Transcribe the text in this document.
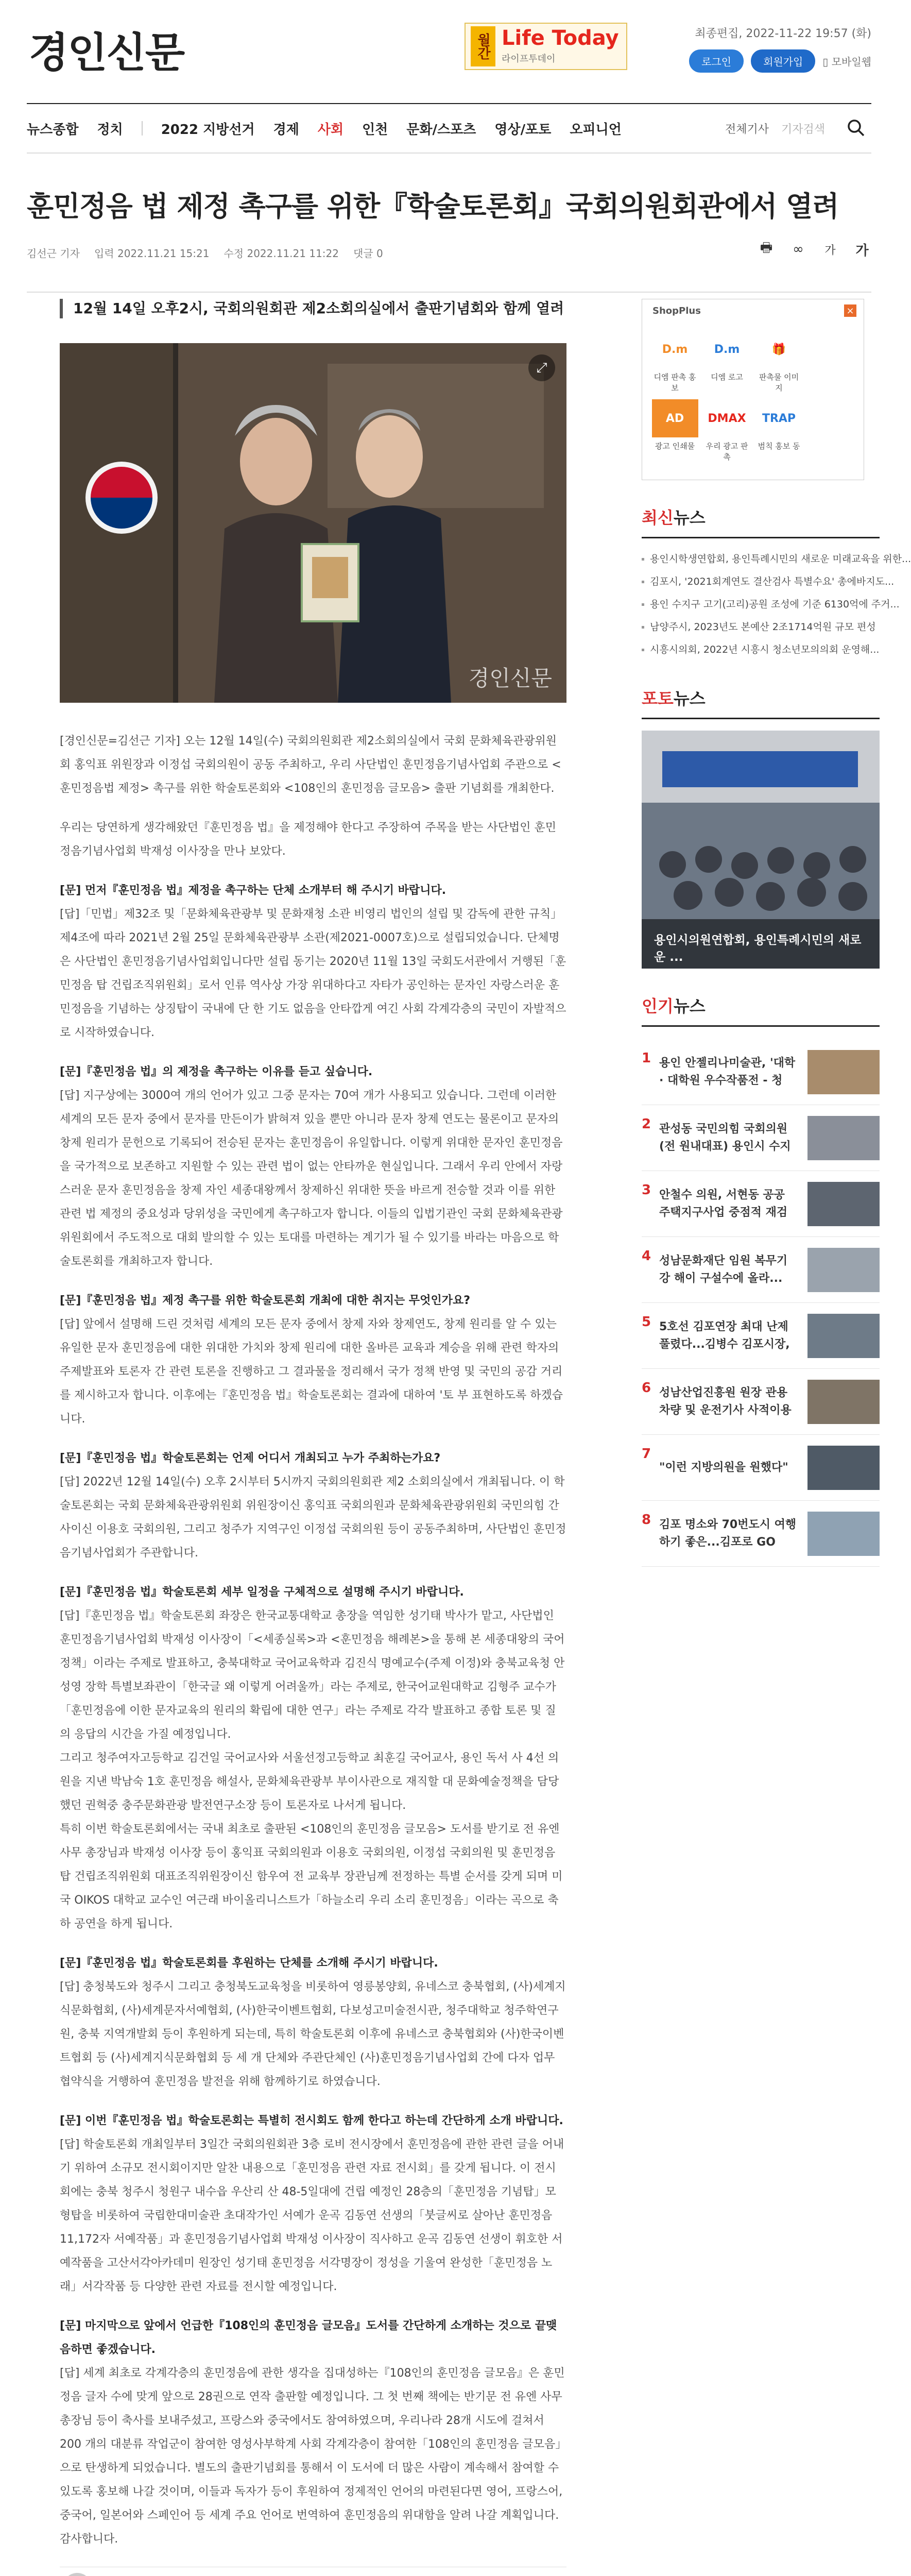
경인신문	월간 Life Today
라이프투데이
최종편집, 2022-11-22 19:57 (화)
로그인	회원가입	▯ 모바일웹
뉴스종합 정치	2022 지방선거 경제 사회 인천 문화/스포츠 영상/포토 오피니언	전체기사 기자검색
훈민정음 법 제정 촉구를 위한『학술토론회』국회의원회관에서 열려
김선근 기자 입력 2022.11.21 15:21 수정 2022.11.21 11:22 댓글 0	🖶 ∞	가 가
12월 14일 오후2시, 국회의원회관 제2소회의실에서 출판기념회와 함께 열려
⤢
경인신문

[경인신문=김선근 기자] 오는 12월 14일(수) 국회의원회관 제2소회의실에서 국회 문화체육관광위원회 홍익표 위원장과 이정섭 국회의원이 공동 주최하고, 우리 사단법인 훈민정음기념사업회 주관으로 <훈민정음법 제정> 촉구를 위한 학술토론회와 <108인의 훈민정음 글모음> 출판 기념회를 개최한다.

우리는 당연하게 생각해왔던『훈민정음 법』을 제정해야 한다고 주장하여 주목을 받는 사단법인 훈민정음기념사업회 박재성 이사장을 만나 보았다.

[문] 먼저『훈민정음 법』제정을 촉구하는 단체 소개부터 해 주시기 바랍니다.

[답]「민법」제32조 및「문화체육관광부 및 문화재청 소관 비영리 법인의 설립 및 감독에 관한 규칙」제4조에 따라 2021년 2월 25일 문화체육관광부 소관(제2021-0007호)으로 설립되었습니다. 단체명은 사단법인 훈민정음기념사업회입니다만 설립 동기는 2020년 11월 13일 국회도서관에서 거행된「훈민정음 탑 건립조직위원회」로서 인류 역사상 가장 위대하다고 자타가 공인하는 문자인 자랑스러운 훈민정음을 기념하는 상징탑이 국내에 단 한 기도 없음을 안타깝게 여긴 사회 각계각층의 국민이 자발적으로 시작하였습니다.

[문]『훈민정음 법』의 제정을 촉구하는 이유를 듣고 싶습니다.

[답] 지구상에는 3000여 개의 언어가 있고 그중 문자는 70여 개가 사용되고 있습니다. 그런데 이러한 세계의 모든 문자 중에서 문자를 만든이가 밝혀져 있을 뿐만 아니라 문자 창제 연도는 물론이고 문자의 창제 원리가 문헌으로 기록되어 전승된 문자는 훈민정음이 유일합니다. 이렇게 위대한 문자인 훈민정음을 국가적으로 보존하고 지원할 수 있는 관련 법이 없는 안타까운 현실입니다. 그래서 우리 안에서 자랑스러운 문자 훈민정음을 창제 자인 세종대왕께서 창제하신 위대한 뜻을 바르게 전승할 것과 이를 위한 관련 법 제정의 중요성과 당위성을 국민에게 촉구하고자 합니다. 이들의 입법기관인 국회 문화체육관광위원회에서 주도적으로 대회 발의할 수 있는 토대를 마련하는 계기가 될 수 있기를 바라는 마음으로 학술토론회를 개최하고자 합니다.

[문]『훈민정음 법』제정 촉구를 위한 학술토론회 개최에 대한 취지는 무엇인가요?

[답] 앞에서 설명해 드린 것처럼 세계의 모든 문자 중에서 창제 자와 창제연도, 창제 원리를 알 수 있는 유일한 문자 훈민정음에 대한 위대한 가치와 창제 원리에 대한 올바른 교육과 계승을 위해 관련 학자의 주제발표와 토론자 간 관련 토론을 진행하고 그 결과물을 정리해서 국가 정책 반영 및 국민의 공감 거리를 제시하고자 합니다. 이후에는『훈민정음 법』학술토론회는 결과에 대하여 '토 부 표현하도록 하겠습니다.

[문]『훈민정음 법』학술토론회는 언제 어디서 개최되고 누가 주최하는가요?

[답] 2022년 12월 14일(수) 오후 2시부터 5시까지 국회의원회관 제2 소회의실에서 개최됩니다. 이 학술토론회는 국회 문화체육관광위원회 위원장이신 홍익표 국회의원과 문화체육관광위원회 국민의힘 간사이신 이용호 국회의원, 그리고 청주가 지역구인 이정섭 국회의원 등이 공동주최하며, 사단법인 훈민정음기념사업회가 주관합니다.

[문]『훈민정음 법』학술토론회 세부 일정을 구체적으로 설명해 주시기 바랍니다.

[답]『훈민정음 법』학술토론회 좌장은 한국교통대학교 총장을 역임한 성기태 박사가 맡고, 사단법인 훈민정음기념사업회 박재성 이사장이「<세종실록>과 <훈민정음 해례본>을 통해 본 세종대왕의 국어정책」이라는 주제로 발표하고, 충북대학교 국어교육학과 김진식 명예교수(주제 이정)와 충북교육청 안성영 장학 특별보좌관이「한국글 왜 이렇게 어려울까」라는 주제로, 한국어교원대학교 김형주 교수가「훈민정음에 이한 문자교육의 원리의 확립에 대한 연구」라는 주제로 각각 발표하고 종합 토론 및 질의 응답의 시간을 가질 예정입니다.

그리고 청주여자고등학교 김건일 국어교사와 서울선정고등학교 최훈길 국어교사, 용인 독서 사 4선 의원을 지낸 박남숙 1호 훈민정음 해설사, 문화체육관광부 부이사관으로 재직할 대 문화예술정책을 담당했던 권혁중 충주문화관광 발전연구소장 등이 토론자로 나서게 됩니다.

특히 이번 학술토론회에서는 국내 최초로 출판된 <108인의 훈민정음 글모음> 도서를 받기로 전 유엔 사무 총장님과 박재성 이사장 등이 홍익표 국회의원과 이용호 국회의원, 이정섭 국회의원 및 훈민정음 탑 건립조직위원회 대표조직위원장이신 함우여 전 교육부 장관님께 전정하는 특별 순서를 갖게 되며 미국 OIKOS 대학교 교수인 여근래 바이올리니스트가「하늘소리 우리 소리 훈민정음」이라는 곡으로 축하 공연을 하게 됩니다.

[문]『훈민정음 법』학술토론회를 후원하는 단체를 소개해 주시기 바랍니다.

[답] 충청북도와 청주시 그리고 충청북도교육청을 비롯하여 영릉봉양회, 유네스코 충북협회, (사)세계지식문화협회, (사)세계문자서예협회, (사)한국이벤트협회, 다보성고미술전시관, 청주대학교 청주학연구원, 충북 지역개발회 등이 후원하게 되는데, 특히 학술토론회 이후에 유네스코 충북협회와 (사)한국이벤트협회 등 (사)세계지식문화협회 등 세 개 단체와 주관단체인 (사)훈민정음기념사업회 간에 다자 업무 협약식을 거행하여 훈민정음 발전을 위해 함께하기로 하였습니다.

[문] 이번『훈민정음 법』학술토론회는 특별히 전시회도 함께 한다고 하는데 간단하게 소개 바랍니다.

[답] 학술토론회 개최일부터 3일간 국회의원회관 3층 로비 전시장에서 훈민정음에 관한 관련 글을 어내기 위하여 소규모 전시회이지만 알찬 내용으로「훈민정음 관련 자료 전시회」를 갖게 됩니다. 이 전시회에는 충북 청주시 청원구 내수읍 우산리 산 48-5일대에 건립 예정인 28층의「훈민정음 기념탑」모형탑을 비롯하여 국립한대미술관 초대작가인 서예가 운곡 김동연 선생의「붓글씨로 살아난 훈민정음 11,172자 서예작품」과 훈민정음기념사업회 박재성 이사장이 직사하고 운곡 김동연 선생이 휘호한 서예작품을 고산서각아카데미 원장인 성기태 훈민정음 서각명장이 정성을 기울여 완성한「훈민정음 노래」서각작품 등 다양한 관련 자료를 전시할 예정입니다.

[문] 마지막으로 앞에서 언급한『108인의 훈민정음 글모음』도서를 간단하게 소개하는 것으로 끝맺음하면 좋겠습니다.

[답] 세계 최초로 각계각층의 훈민정음에 관한 생각을 집대성하는『108인의 훈민정음 글모음』은 훈민정음 글자 수에 맞게 앞으로 28권으로 연작 출판할 예정입니다. 그 첫 번째 책에는 반기문 전 유엔 사무 총장님 등이 축사를 보내주셨고, 프랑스와 중국에서도 참여하였으며, 우리나라 28개 시도에 걸쳐서 200 개의 대분류 작업군이 참여한 영성사부학계 사회 각계각층이 참여한「108인의 훈민정음 글모음」으로 탄생하게 되었습니다. 별도의 출판기념회를 통해서 이 도서에 더 많은 사람이 계속해서 참여할 수 있도록 홍보해 나갈 것이며, 이들과 독자가 등이 후원하여 정제적인 언어의 마련된다면 영어, 프랑스어, 중국어, 일본어와 스페인어 등 세계 주요 언어로 번역하여 훈민정음의 위대함을 알려 나갈 계획입니다. 감사합니다.

ShopPlus	×
D.m
디엠 판촉 홍보
D.m
디엠 로고
🎁
판촉물 이미지
AD
광고 인쇄물
DMAX
우리 광고 판촉
TRAP
범칙 홍보 동
최신뉴스
용인시학생연합회, 용인특례시민의 새로운 미래교육을 위한...
김포시, '2021회계연도 결산검사 특별수요' 총에바지도...
용인 수지구 고기(고리)공원 조성에 기준 6130억에 주거...
남양주시, 2023년도 본예산 2조1714억원 규모 편성
시흥시의회, 2022년 시흥시 청소년모의의회 운영해...
포토뉴스
용인시의원연합회, 용인특례시민의 새로운 ...
인기뉴스
1 용인 안젤리나미술관, '대학 · 대학원 우수작품전 - 청
2 관성동 국민의힘 국회의원 (전 원내대표) 용인시 수지
3 안철수 의원, 서현동 공공 주택지구사업 중점적 재검
4 성남문화재단 임원 복무기강 해이 구설수에 올라...
5 5호선 김포연장 최대 난제 풀렸다...김병수 김포시장,
6 성남산업진흥원 원장 관용 차량 및 운전기사 사적이용
7
"이런 지방의원을 원했다"
8 김포 명소와 70번도시 여행하기 좋은...김포로 GO
